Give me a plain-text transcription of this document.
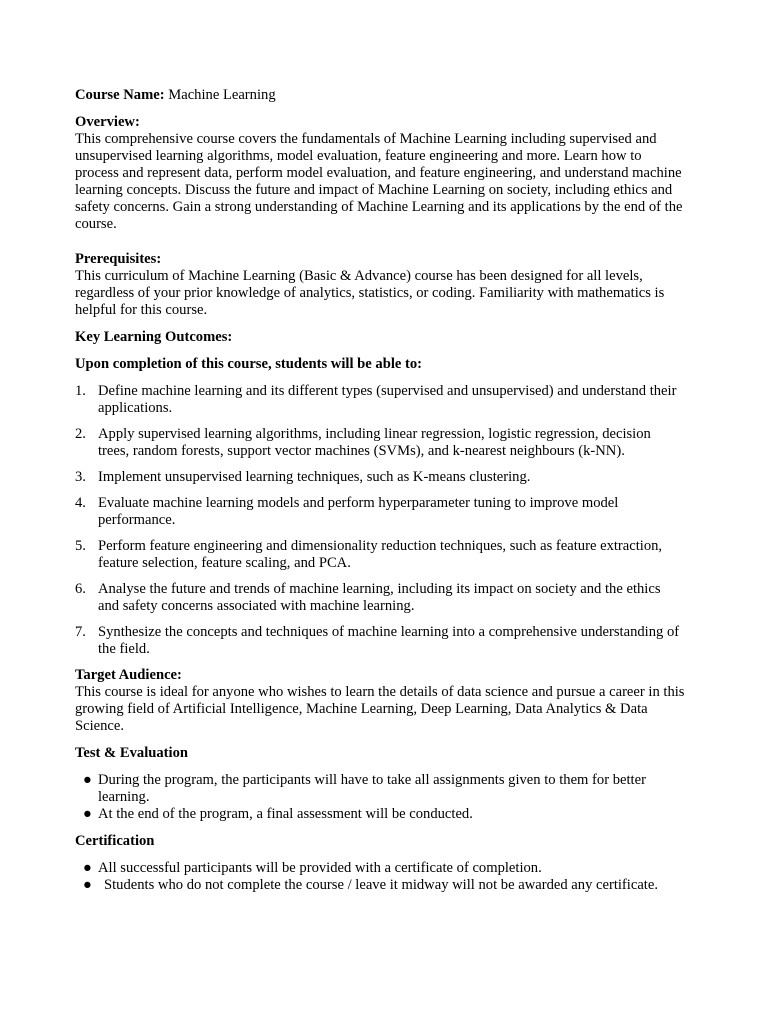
Course Name: Machine Learning

Overview:

This comprehensive course covers the fundamentals of Machine Learning including supervised and unsupervised learning algorithms, model evaluation, feature engineering and more. Learn how to process and represent data, perform model evaluation, and feature engineering, and understand machine learning concepts. Discuss the future and impact of Machine Learning on society, including ethics and safety concerns. Gain a strong understanding of Machine Learning and its applications by the end of the course.

Prerequisites:

This curriculum of Machine Learning (Basic & Advance) course has been designed for all levels, regardless of your prior knowledge of analytics, statistics, or coding. Familiarity with mathematics is helpful for this course.

Key Learning Outcomes:

Upon completion of this course, students will be able to:

1. Define machine learning and its different types (supervised and unsupervised) and understand their applications.
2. Apply supervised learning algorithms, including linear regression, logistic regression, decision trees, random forests, support vector machines (SVMs), and k-nearest neighbours (k-NN).
3. Implement unsupervised learning techniques, such as K-means clustering.
4. Evaluate machine learning models and perform hyperparameter tuning to improve model performance.
5. Perform feature engineering and dimensionality reduction techniques, such as feature extraction, feature selection, feature scaling, and PCA.
6. Analyse the future and trends of machine learning, including its impact on society and the ethics and safety concerns associated with machine learning.
7. Synthesize the concepts and techniques of machine learning into a comprehensive understanding of the field.

Target Audience:

This course is ideal for anyone who wishes to learn the details of data science and pursue a career in this growing field of Artificial Intelligence, Machine Learning, Deep Learning, Data Analytics & Data Science.

Test & Evaluation

● During the program, the participants will have to take all assignments given to them for better learning.
● At the end of the program, a final assessment will be conducted.

Certification

● All successful participants will be provided with a certificate of completion.
● Students who do not complete the course / leave it midway will not be awarded any certificate.
